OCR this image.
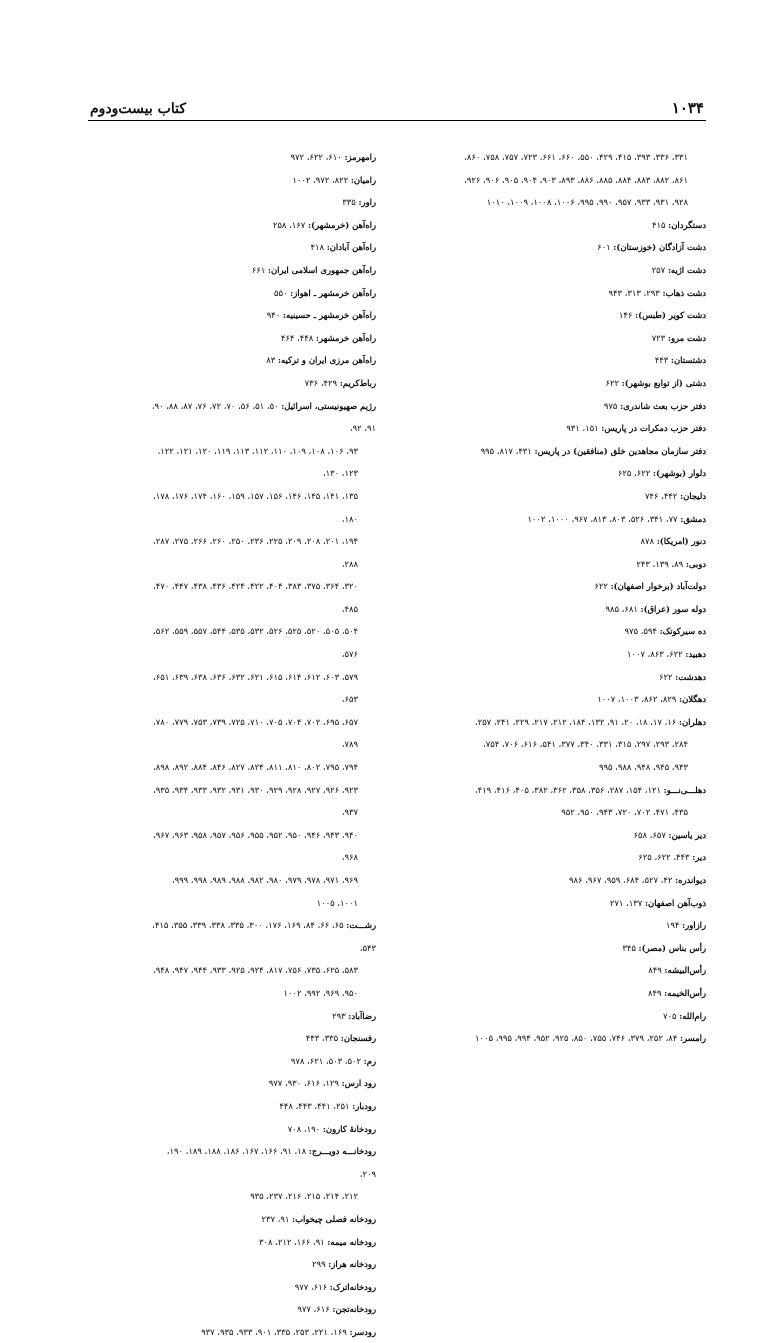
۱۰۳۴
کتاب بیست‌ودوم
۳۳۱، ۳۳۶، ۳۹۳، ۴۱۵، ۴۲۹، ۵۵۰، ۶۶۰، ۶۶۱، ۷۲۳، ۷۵۷، ۷۵۸، ۸۶۰،
۸۶۱، ۸۸۲، ۸۸۳، ۸۸۴، ۸۸۵، ۸۸۶، ۸۹۳، ۹۰۳، ۹۰۴، ۹۰۵، ۹۰۶، ۹۲۶،
۹۲۸، ۹۳۱، ۹۳۳، ۹۵۷، ۹۹۰، ۹۹۵، ۱۰۰۶، ۱۰۰۸، ۱۰۰۹، ۱۰۱۰
دستگردان: ۴۱۵
دشت آزادگان (خوزستان): ۶۰۱
دشت اژیه: ۲۵۷
دشت ذهاب: ۲۹۳، ۳۱۳، ۹۴۳
دشت کویر (طبس): ۱۴۶
دشت مرو: ۷۲۳
دشتستان: ۴۴۳
دشتی (از توابع بوشهر): ۶۲۲
دفتر حزب بعث شاندری: ۹۷۵
دفتر حزب دمکرات در پاریس: ۱۵۱، ۹۳۱
دفتر سازمان مجاهدین خلق (منافقین) در پاریس: ۴۳۱، ۸۱۷، ۹۹۵
دلوار (بوشهر): ۶۲۲، ۶۲۵
دلیجان: ۴۴۲، ۷۴۶
دمشق: ۷۷، ۳۴۱، ۵۲۶، ۸۰۳، ۸۱۳، ۹۶۷، ۱۰۰۰، ۱۰۰۲
دنور (امریکا): ۸۷۸
دوبی: ۸۹، ۱۳۹، ۲۴۳
دولت‌آباد (برخوار اصفهان): ۶۲۲
دوله سور (عراق): ۶۸۱، ۹۸۵
ده سیرکوتک: ۵۹۴، ۹۷۵
دهبید: ۶۲۲، ۸۶۳، ۱۰۰۷
دهدشت: ۶۲۲
دهگلان: ۸۲۹، ۸۶۲، ۱۰۰۳، ۱۰۰۷
دهلران: ۱۶، ۱۷، ۱۸، ۲۰، ۹۱، ۱۳۲، ۱۸۴، ۲۱۲، ۲۱۷، ۲۲۹، ۲۴۱، ۲۵۷،
۲۸۴، ۲۹۳، ۲۹۷، ۳۱۵، ۳۳۱، ۳۴۰، ۳۷۷، ۵۴۱، ۶۱۶، ۷۰۶، ۷۵۴،
۹۴۳، ۹۴۵، ۹۴۸، ۹۸۸، ۹۹۵
دهلـــی‌نـــو: ۱۲۱، ۱۵۴، ۲۸۷، ۳۵۶، ۳۵۸، ۳۶۲، ۳۸۲، ۴۰۵، ۴۱۶، ۴۱۹،
۴۳۵، ۴۷۱، ۷۰۲، ۷۲۰، ۹۴۳، ۹۵۰، ۹۵۲
دیر یاسین: ۶۵۷، ۶۵۸
دیر: ۴۴۳، ۶۲۲، ۶۲۵
دیواندره: ۴۲، ۵۲۷، ۶۸۴، ۹۵۹، ۹۶۷، ۹۸۶
ذوب‌آهن اصفهان: ۱۳۷، ۲۷۱
رازاور: ۱۹۴
رأس بناس (مصر): ۳۴۵
رأس‌البیشه: ۸۴۹
رأس‌الخیمه: ۸۴۹
رام‌الله: ۷۰۵
رامسر: ۸۴، ۲۵۲، ۳۷۹، ۷۴۶، ۷۵۵، ۸۵۰، ۹۲۵، ۹۵۲، ۹۹۴، ۹۹۵، ۱۰۰۵
رامهرمز: ۶۱۰، ۶۲۲، ۹۷۲
رامیان: ۸۲۲، ۹۷۲، ۱۰۰۲
راور: ۳۳۵
راه‌آهن (خرمشهر): ۱۶۷، ۲۵۸
راه‌آهن آبادان: ۴۱۸
راه‌آهن جمهوری اسلامی ایران: ۶۶۱
راه‌آهن خرمشهر ـ اهواز: ۵۵۰
راه‌آهن خرمشهر ـ حسینیه: ۹۴۰
راه‌آهن خرمشهر: ۴۴۸، ۴۶۴
راه‌آهن مرزی ایران و ترکیه: ۸۳
رباط‌کریم: ۴۲۹، ۷۳۶
رژیم صهیونیستی، اسرائیل: ۵۰، ۵۱، ۵۶، ۷۰، ۷۲، ۷۶، ۸۷، ۸۸، ۹۰، ۹۱، ۹۲،
۹۳، ۱۰۶، ۱۰۸، ۱۰۹، ۱۱۰، ۱۱۲، ۱۱۳، ۱۱۹، ۱۲۰، ۱۲۱، ۱۲۲، ۱۲۳، ۱۳۰،
۱۳۵، ۱۴۱، ۱۴۵، ۱۴۶، ۱۵۶، ۱۵۷، ۱۵۹، ۱۶۰، ۱۷۴، ۱۷۶، ۱۷۸، ۱۸۰،
۱۹۴، ۲۰۱، ۲۰۸، ۲۰۹، ۲۲۵، ۲۳۶، ۲۵۰، ۲۶۰، ۲۶۶، ۲۷۵، ۲۸۷، ۲۸۸،
۳۲۰، ۳۶۴، ۳۷۵، ۳۸۳، ۴۰۴، ۴۲۲، ۴۲۴، ۴۳۶، ۴۳۸، ۴۴۷، ۴۷۰، ۴۸۵،
۵۰۴، ۵۰۵، ۵۲۰، ۵۲۵، ۵۲۶، ۵۳۲، ۵۳۵، ۵۴۴، ۵۵۷، ۵۵۹، ۵۶۲، ۵۷۶،
۵۷۹، ۶۰۳، ۶۱۲، ۶۱۴، ۶۱۵، ۶۲۱، ۶۳۲، ۶۳۶، ۶۳۸، ۶۳۹، ۶۵۱، ۶۵۳،
۶۵۷، ۶۹۵، ۷۰۲، ۷۰۴، ۷۰۵، ۷۱۰، ۷۲۵، ۷۳۹، ۷۵۳، ۷۷۹، ۷۸۰، ۷۸۹،
۷۹۴، ۷۹۵، ۸۰۲، ۸۱۰، ۸۱۱، ۸۲۴، ۸۲۷، ۸۴۶، ۸۸۴، ۸۹۲، ۸۹۸،
۹۲۳، ۹۲۶، ۹۲۷، ۹۲۸، ۹۲۹، ۹۳۰، ۹۳۱، ۹۳۲، ۹۳۳، ۹۳۴، ۹۳۵، ۹۳۷،
۹۴۰، ۹۴۳، ۹۴۶، ۹۵۰، ۹۵۲، ۹۵۵، ۹۵۶، ۹۵۷، ۹۵۸، ۹۶۳، ۹۶۷، ۹۶۸،
۹۶۹، ۹۷۱، ۹۷۸، ۹۷۹، ۹۸۰، ۹۸۲، ۹۸۸، ۹۸۹، ۹۹۸، ۹۹۹، ۱۰۰۱، ۱۰۰۵
رشـــت: ۶۵، ۶۶، ۸۴، ۱۶۹، ۱۷۶، ۳۰۰، ۳۳۵، ۳۳۸، ۳۳۹، ۳۵۵، ۴۱۵، ۵۴۳،
۵۸۳، ۶۲۵، ۷۳۵، ۷۵۶، ۸۱۷، ۹۲۴، ۹۲۵، ۹۳۳، ۹۴۴، ۹۴۷، ۹۴۸،
۹۵۰، ۹۶۹، ۹۹۲، ۱۰۰۲
رضاآباد: ۲۹۳
رفسنجان: ۳۳۵، ۴۴۳
رم: ۵۰۲، ۵۰۳، ۶۲۱، ۹۷۸
رود ارس: ۱۲۹، ۶۱۶، ۹۳۰، ۹۷۷
رودبار: ۲۵۱، ۴۴۱، ۴۴۳، ۴۴۸
رودخانهٔ کارون: ۱۹۰، ۷۰۸
رودخانـــه دویـــرج: ۱۸، ۹۱، ۱۶۶، ۱۶۷، ۱۸۶، ۱۸۸، ۱۸۹، ۱۹۰، ۲۰۹،
۲۱۲، ۲۱۴، ۲۱۵، ۲۱۶، ۲۳۷، ۹۳۵
رودخانه فصلی چیخواب: ۹۱، ۲۳۷
رودخانه میمه: ۹۱، ۱۶۶، ۲۱۲، ۳۰۸
رودخانه هراز: ۲۹۹
رودخانه‌اترک: ۶۱۶، ۹۷۷
رودخانه‌تجن: ۶۱۶، ۹۷۷
رودسر: ۱۶۹، ۲۲۱، ۲۵۳، ۳۳۵، ۹۰۱، ۹۳۳، ۹۳۵، ۹۳۷
